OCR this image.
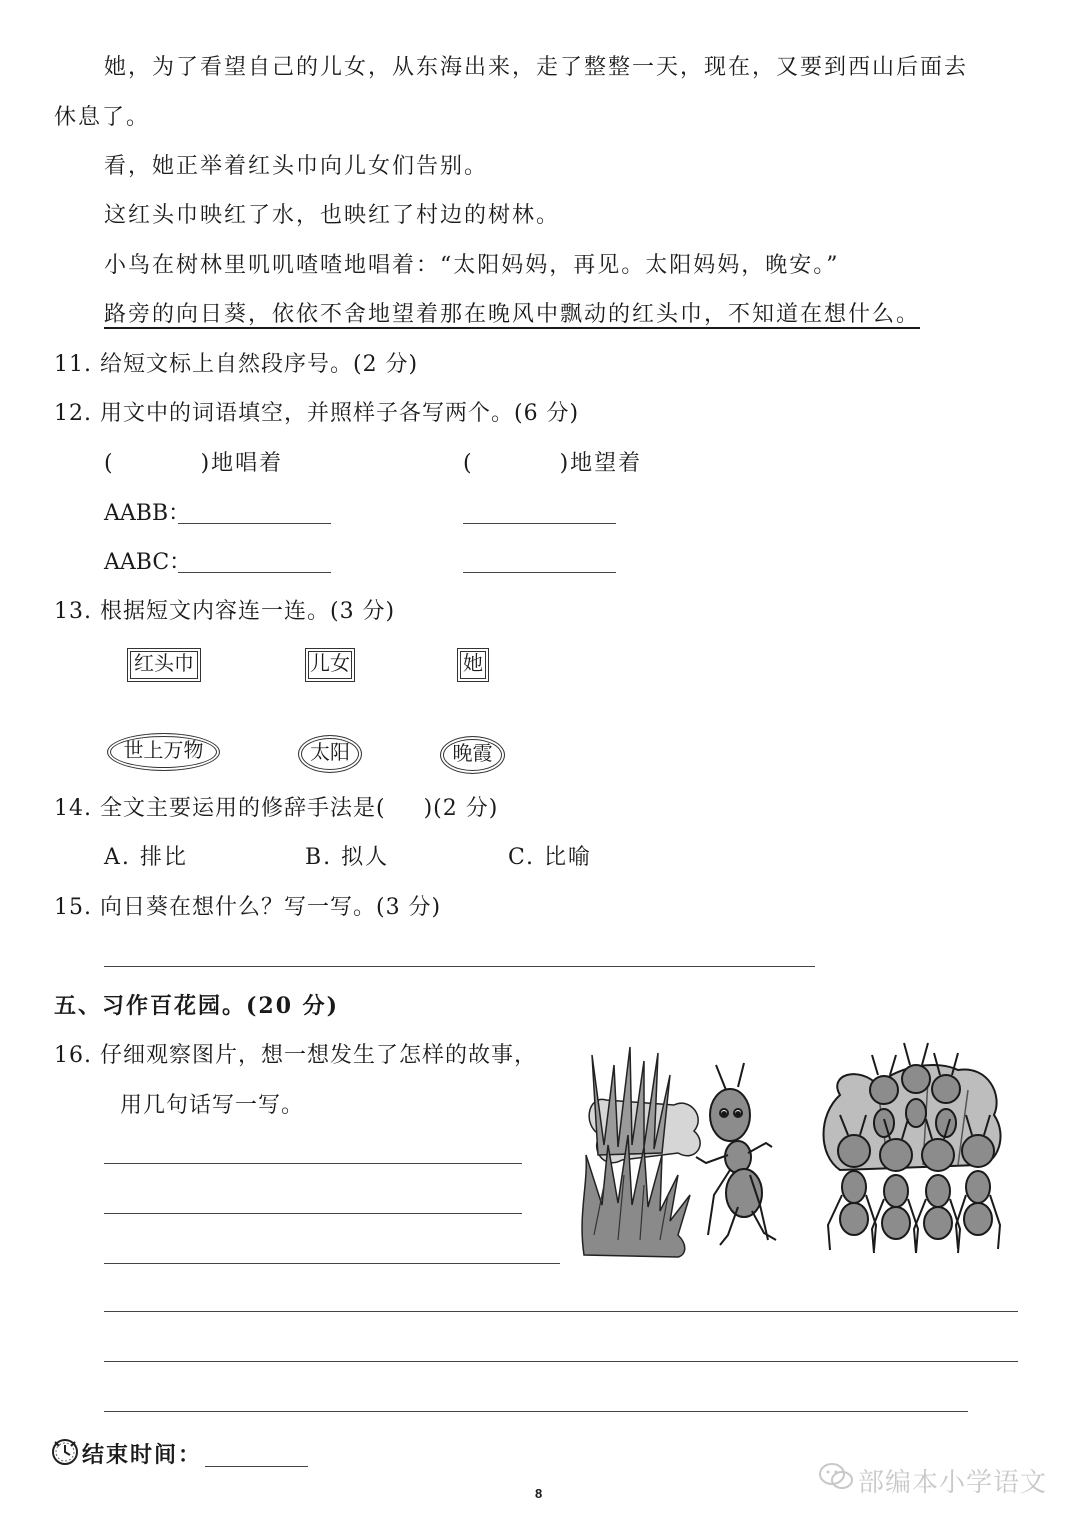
她，为了看望自己的儿女，从东海出来，走了整整一天，现在，又要到西山后面去
休息了。
看，她正举着红头巾向儿女们告别。
这红头巾映红了水，也映红了村边的树林。
小鸟在树林里叽叽喳喳地唱着：“太阳妈妈，再见。太阳妈妈，晚安。”
路旁的向日葵，依依不舍地望着那在晚风中飘动的红头巾，不知道在想什么。
11. 给短文标上自然段序号。(2 分)
12. 用文中的词语填空，并照样子各写两个。(6 分)
(	)地唱着	(	)地望着
AABB：
AABC：
13. 根据短文内容连一连。(3 分)
红头巾	儿女	她
世上万物	太阳	晚霞
14. 全文主要运用的修辞手法是( )(2 分)
A. 排比	B. 拟人	C. 比喻
15. 向日葵在想什么？写一写。(3 分)
五、习作百花园。(20 分)
16. 仔细观察图片，想一想发生了怎样的故事，
用几句话写一写。
结束时间：
8	部编本小学语文
